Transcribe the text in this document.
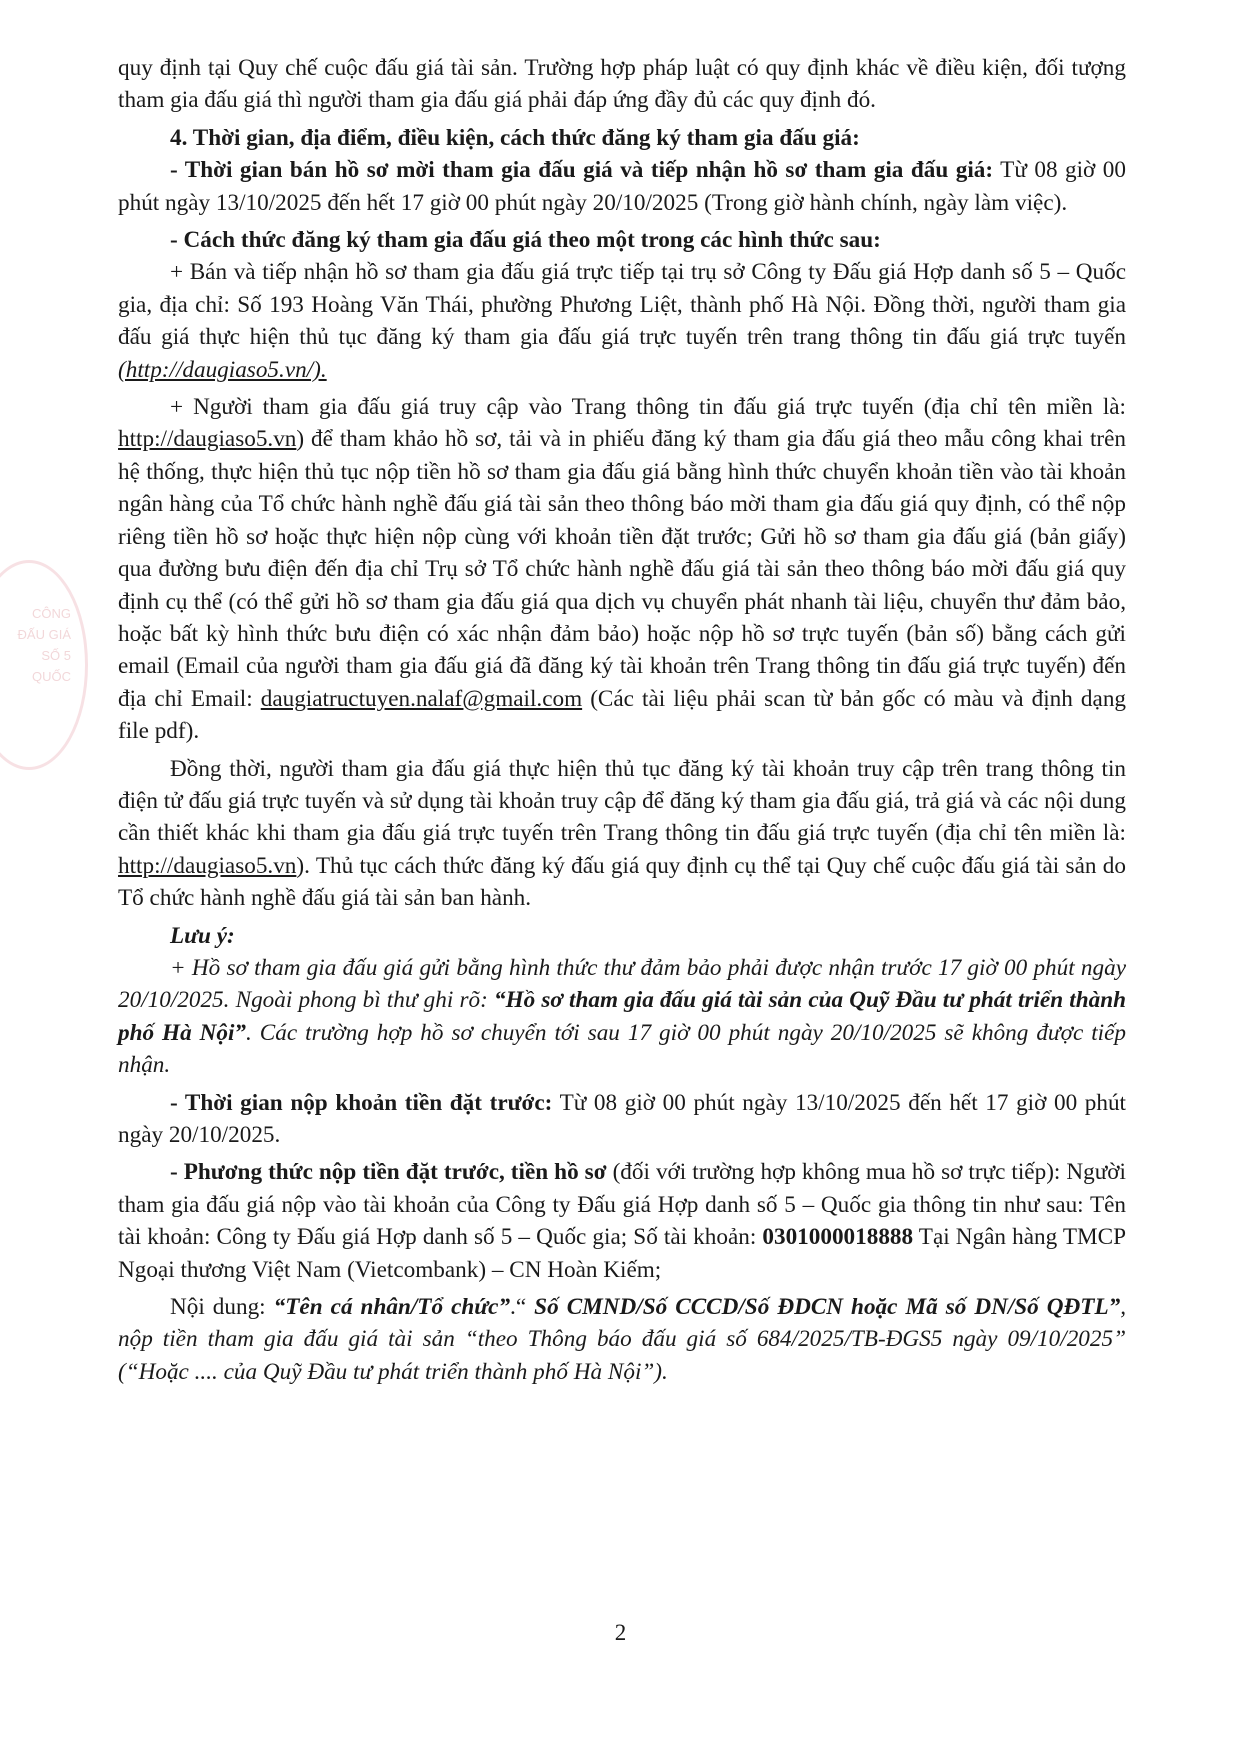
CÔNG
ĐẤU GIÁ
SỐ 5
QUỐC

quy định tại Quy chế cuộc đấu giá tài sản. Trường hợp pháp luật có quy định khác về điều kiện, đối tượng tham gia đấu giá thì người tham gia đấu giá phải đáp ứng đầy đủ các quy định đó.

4. Thời gian, địa điểm, điều kiện, cách thức đăng ký tham gia đấu giá:

- Thời gian bán hồ sơ mời tham gia đấu giá và tiếp nhận hồ sơ tham gia đấu giá: Từ 08 giờ 00 phút ngày 13/10/2025 đến hết 17 giờ 00 phút ngày 20/10/2025 (Trong giờ hành chính, ngày làm việc).

- Cách thức đăng ký tham gia đấu giá theo một trong các hình thức sau:

+ Bán và tiếp nhận hồ sơ tham gia đấu giá trực tiếp tại trụ sở Công ty Đấu giá Hợp danh số 5 – Quốc gia, địa chỉ: Số 193 Hoàng Văn Thái, phường Phương Liệt, thành phố Hà Nội. Đồng thời, người tham gia đấu giá thực hiện thủ tục đăng ký tham gia đấu giá trực tuyến trên trang thông tin đấu giá trực tuyến (http://daugiaso5.vn/).

+ Người tham gia đấu giá truy cập vào Trang thông tin đấu giá trực tuyến (địa chỉ tên miền là: http://daugiaso5.vn) để tham khảo hồ sơ, tải và in phiếu đăng ký tham gia đấu giá theo mẫu công khai trên hệ thống, thực hiện thủ tục nộp tiền hồ sơ tham gia đấu giá bằng hình thức chuyển khoản tiền vào tài khoản ngân hàng của Tổ chức hành nghề đấu giá tài sản theo thông báo mời tham gia đấu giá quy định, có thể nộp riêng tiền hồ sơ hoặc thực hiện nộp cùng với khoản tiền đặt trước; Gửi hồ sơ tham gia đấu giá (bản giấy) qua đường bưu điện đến địa chỉ Trụ sở Tổ chức hành nghề đấu giá tài sản theo thông báo mời đấu giá quy định cụ thể (có thể gửi hồ sơ tham gia đấu giá qua dịch vụ chuyển phát nhanh tài liệu, chuyển thư đảm bảo, hoặc bất kỳ hình thức bưu điện có xác nhận đảm bảo) hoặc nộp hồ sơ trực tuyến (bản số) bằng cách gửi email (Email của người tham gia đấu giá đã đăng ký tài khoản trên Trang thông tin đấu giá trực tuyến) đến địa chỉ Email: daugiatructuyen.nalaf@gmail.com (Các tài liệu phải scan từ bản gốc có màu và định dạng file pdf).

Đồng thời, người tham gia đấu giá thực hiện thủ tục đăng ký tài khoản truy cập trên trang thông tin điện tử đấu giá trực tuyến và sử dụng tài khoản truy cập để đăng ký tham gia đấu giá, trả giá và các nội dung cần thiết khác khi tham gia đấu giá trực tuyến trên Trang thông tin đấu giá trực tuyến (địa chỉ tên miền là: http://daugiaso5.vn). Thủ tục cách thức đăng ký đấu giá quy định cụ thể tại Quy chế cuộc đấu giá tài sản do Tổ chức hành nghề đấu giá tài sản ban hành.

Lưu ý:

+ Hồ sơ tham gia đấu giá gửi bằng hình thức thư đảm bảo phải được nhận trước 17 giờ 00 phút ngày 20/10/2025. Ngoài phong bì thư ghi rõ: “Hồ sơ tham gia đấu giá tài sản của Quỹ Đầu tư phát triển thành phố Hà Nội”. Các trường hợp hồ sơ chuyển tới sau 17 giờ 00 phút ngày 20/10/2025 sẽ không được tiếp nhận.

- Thời gian nộp khoản tiền đặt trước: Từ 08 giờ 00 phút ngày 13/10/2025 đến hết 17 giờ 00 phút ngày 20/10/2025.

- Phương thức nộp tiền đặt trước, tiền hồ sơ (đối với trường hợp không mua hồ sơ trực tiếp): Người tham gia đấu giá nộp vào tài khoản của Công ty Đấu giá Hợp danh số 5 – Quốc gia thông tin như sau: Tên tài khoản: Công ty Đấu giá Hợp danh số 5 – Quốc gia; Số tài khoản: 0301000018888 Tại Ngân hàng TMCP Ngoại thương Việt Nam (Vietcombank) – CN Hoàn Kiếm;

Nội dung: “Tên cá nhân/Tổ chức”.“ Số CMND/Số CCCD/Số ĐDCN hoặc Mã số DN/Số QĐTL”, nộp tiền tham gia đấu giá tài sản “theo Thông báo đấu giá số 684/2025/TB-ĐGS5 ngày 09/10/2025” (“Hoặc .... của Quỹ Đầu tư phát triển thành phố Hà Nội”).

2
